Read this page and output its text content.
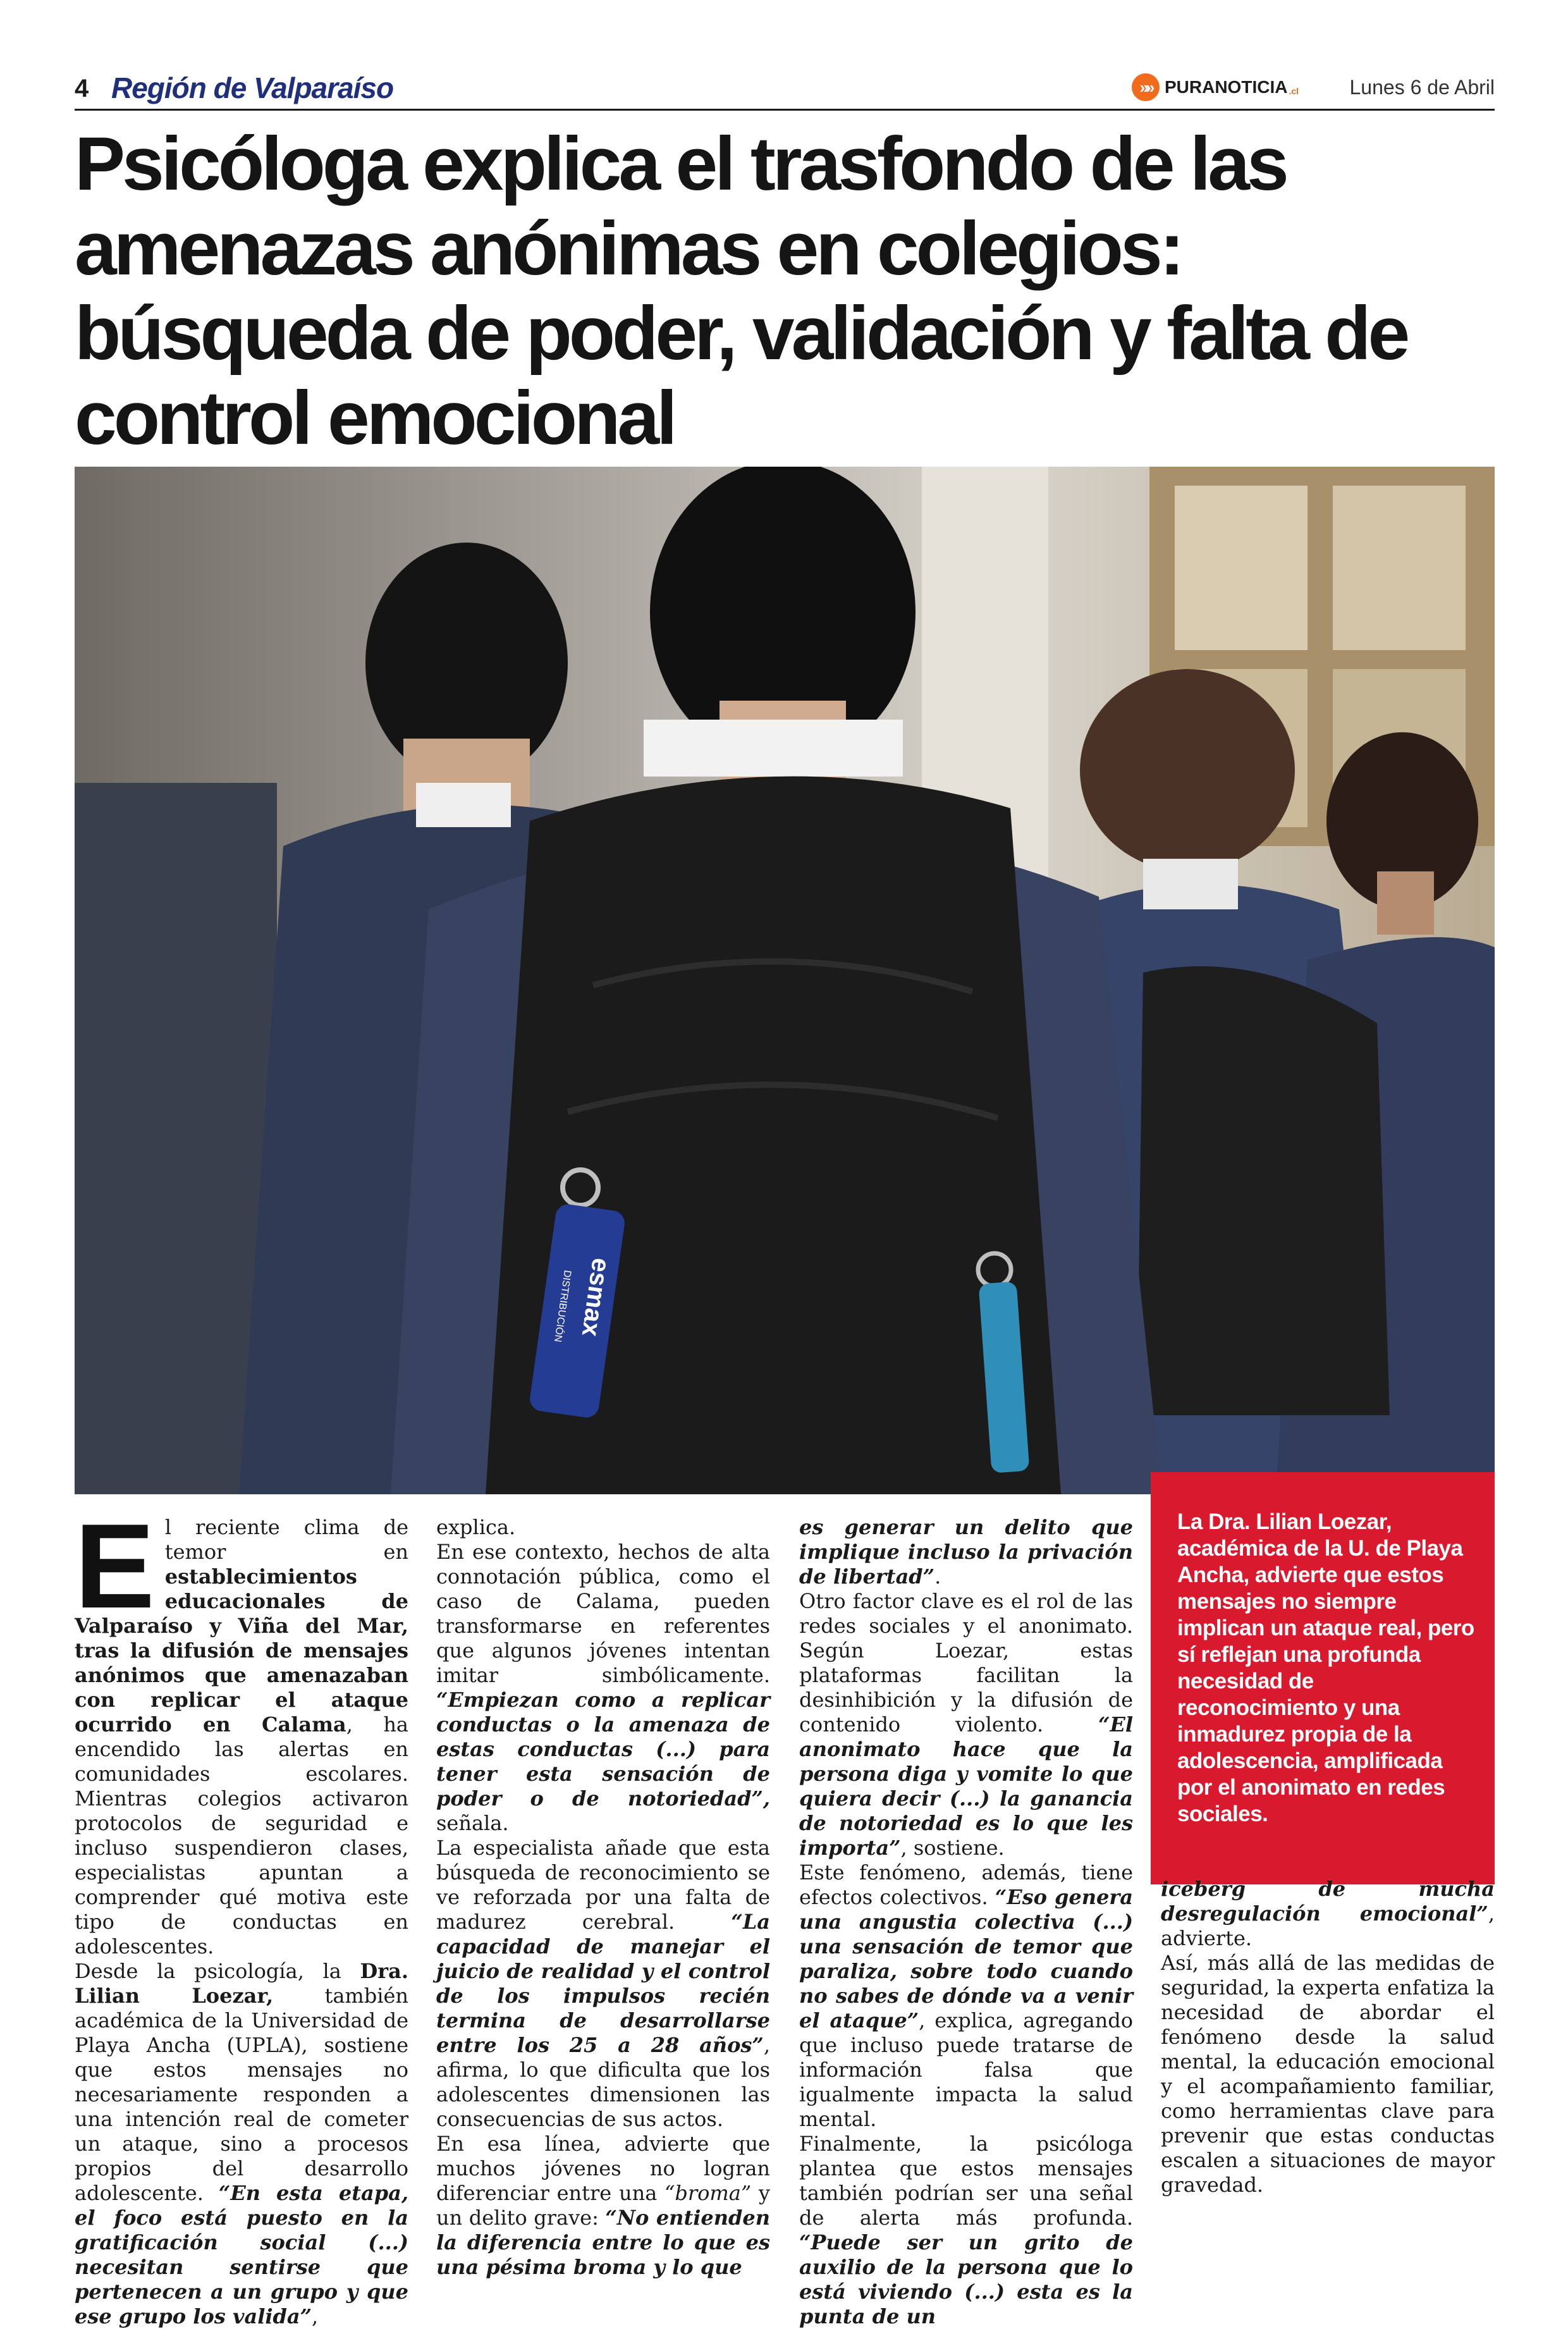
4 Región de Valparaíso	»» PURANOTICIA .cl	Lunes 6 de Abril
Psicóloga explica el trasfondo de las amenazas anónimas en colegios: búsqueda de poder, validación y falta de control emocional
esmax
DISTRIBUCIÓN
E l reciente clima de temor en establecimientos educacionales de Valparaíso y Viña del Mar, tras la difusión de mensajes anónimos que amenazaban con replicar el ataque ocurrido en Calama, ha encendido las alertas en comunidades escolares. Mientras colegios activaron protocolos de seguridad e incluso suspendieron clases, especialistas apuntan a comprender qué motiva este tipo de conductas en adolescentes.

Desde la psicología, la Dra. Lilian Loezar, también académica de la Universidad de Playa Ancha (UPLA), sostiene que estos mensajes no necesariamente responden a una intención real de cometer un ataque, sino a procesos propios del desarrollo adolescente. “En esta etapa, el foco está puesto en la gratificación social (...) necesitan sentirse que pertenecen a un grupo y que ese grupo los valida”,

explica.

En ese contexto, hechos de alta connotación pública, como el caso de Calama, pueden transformarse en referentes que algunos jóvenes intentan imitar simbólicamente. “Empiezan como a replicar conductas o la amenaza de estas conductas (...) para tener esta sensación de poder o de notoriedad”, señala.

La especialista añade que esta búsqueda de reconocimiento se ve reforzada por una falta de madurez cerebral. “La capacidad de manejar el juicio de realidad y el control de los impulsos recién termina de desarrollarse entre los 25 a 28 años”, afirma, lo que dificulta que los adolescentes dimensionen las consecuencias de sus actos.

En esa línea, advierte que muchos jóvenes no logran diferenciar entre una “broma” y un delito grave: “No entienden la diferencia entre lo que es una pésima broma y lo que

es generar un delito que implique incluso la privación de libertad”.

Otro factor clave es el rol de las redes sociales y el anonimato. Según Loezar, estas plataformas facilitan la desinhibición y la difusión de contenido violento. “El anonimato hace que la persona diga y vomite lo que quiera decir (...) la ganancia de notoriedad es lo que les importa”, sostiene.

Este fenómeno, además, tiene efectos colectivos. “Eso genera una angustia colectiva (...) una sensación de temor que paraliza, sobre todo cuando no sabes de dónde va a venir el ataque”, explica, agregando que incluso puede tratarse de información falsa que igualmente impacta la salud mental.

Finalmente, la psicóloga plantea que estos mensajes también podrían ser una señal de alerta más profunda. “Puede ser un grito de auxilio de la persona que lo está viviendo (...) esta es la punta de un

La Dra. Lilian Loezar, académica de la U. de Playa Ancha, advierte que estos mensajes no siempre implican un ataque real, pero sí reflejan una profunda necesidad de reconocimiento y una inmadurez propia de la adolescencia, amplificada por el anonimato en redes sociales.

iceberg de mucha desregulación emocional”, advierte.

Así, más allá de las medidas de seguridad, la experta enfatiza la necesidad de abordar el fenómeno desde la salud mental, la educación emocional y el acompañamiento familiar, como herramientas clave para prevenir que estas conductas escalen a situaciones de mayor gravedad.
